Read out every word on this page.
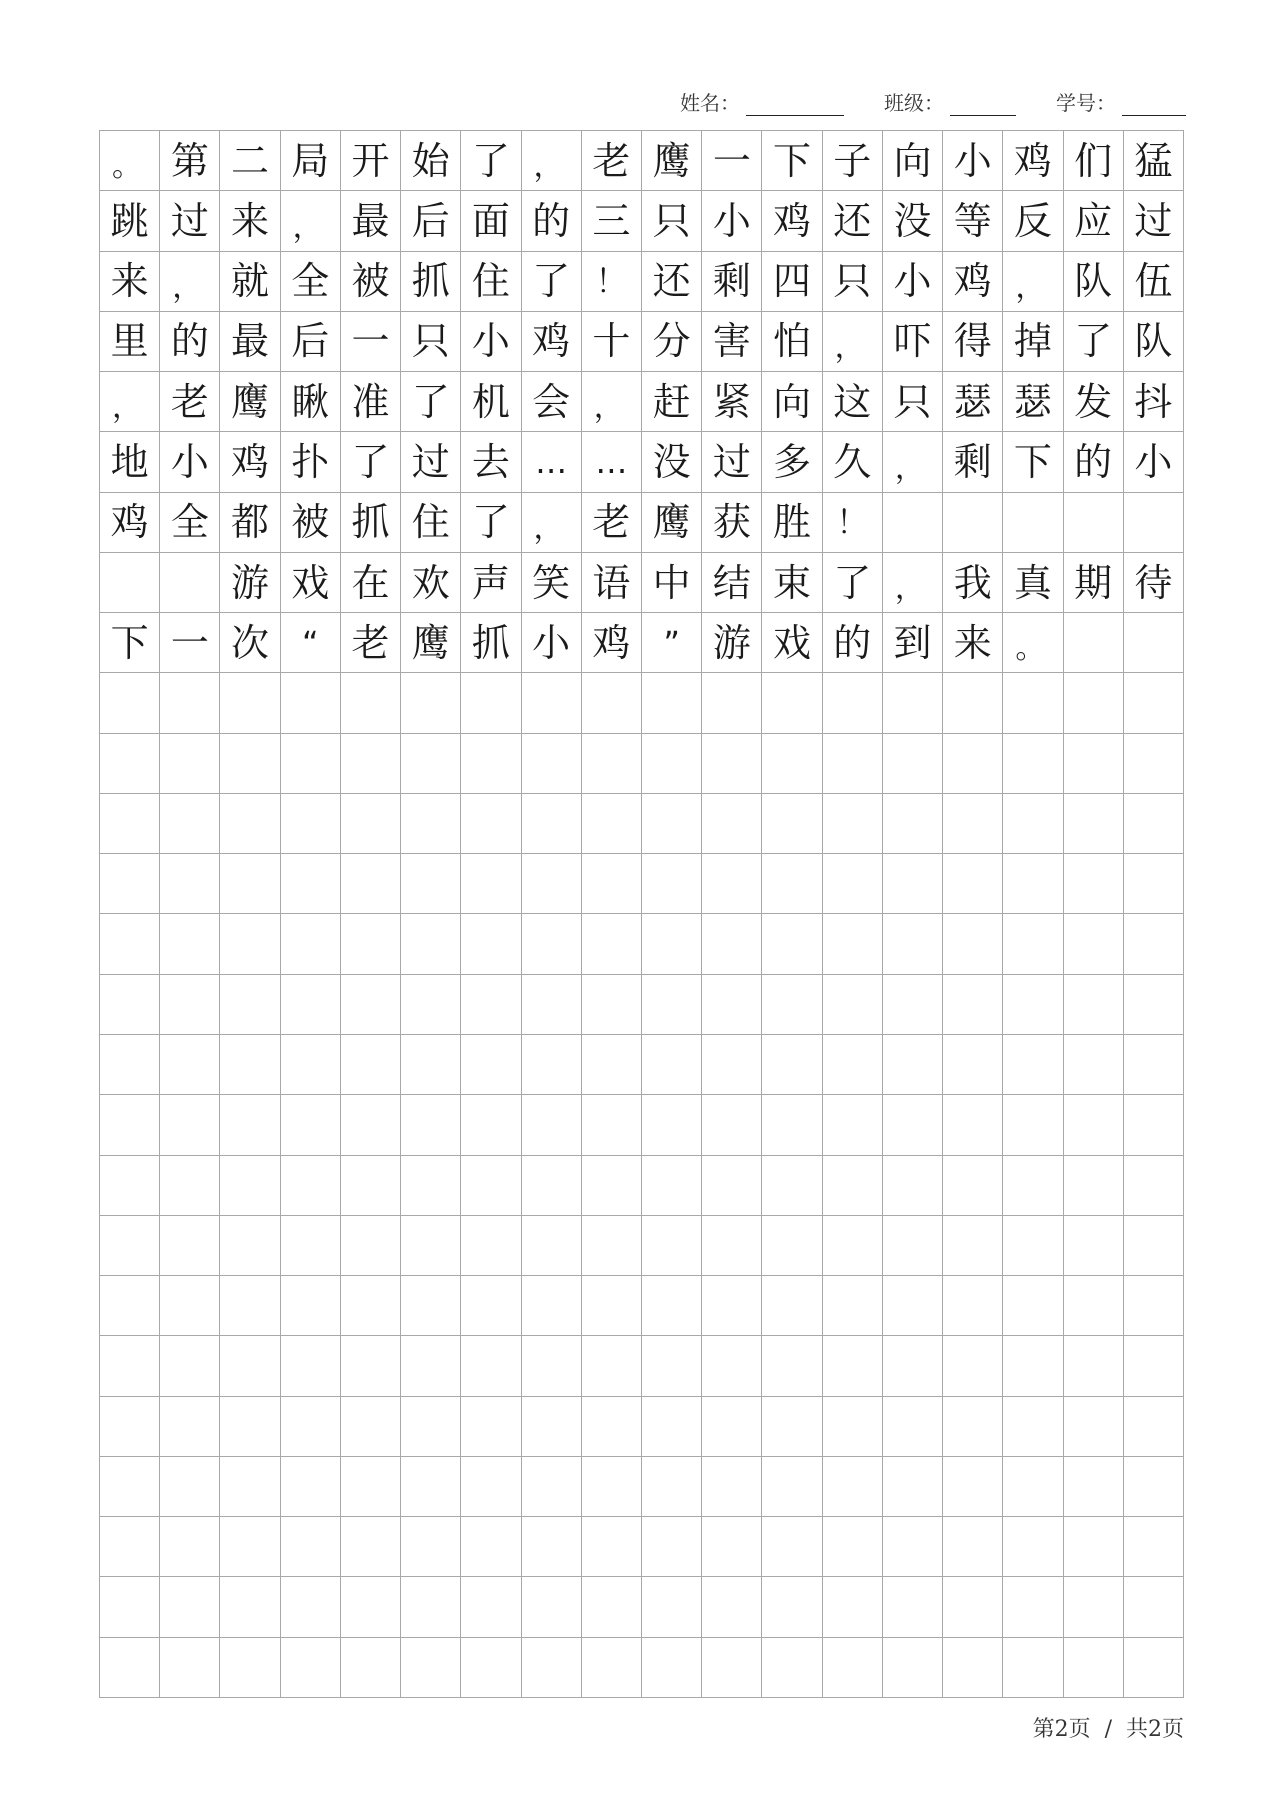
姓名：	班级：	学号：
。 第 二 局 开 始 了 ， 老 鹰 一 下 子 向 小 鸡 们 猛
跳 过 来 ， 最 后 面 的 三 只 小 鸡 还 没 等 反 应 过
来 ， 就 全 被 抓 住 了 ！ 还 剩 四 只 小 鸡 ， 队 伍
里 的 最 后 一 只 小 鸡 十 分 害 怕 ， 吓 得 掉 了 队
， 老 鹰 瞅 准 了 机 会 ， 赶 紧 向 这 只 瑟 瑟 发 抖
地 小 鸡 扑 了 过 去 … … 没 过 多 久 ， 剩 下 的 小
鸡 全 都 被 抓 住 了 ， 老 鹰 获 胜 ！
游 戏 在 欢 声 笑 语 中 结 束 了 ， 我 真 期 待
下 一 次	“ 老 鹰 抓 小 鸡	” 游 戏 的 到 来 。
第2页  /  共2页
